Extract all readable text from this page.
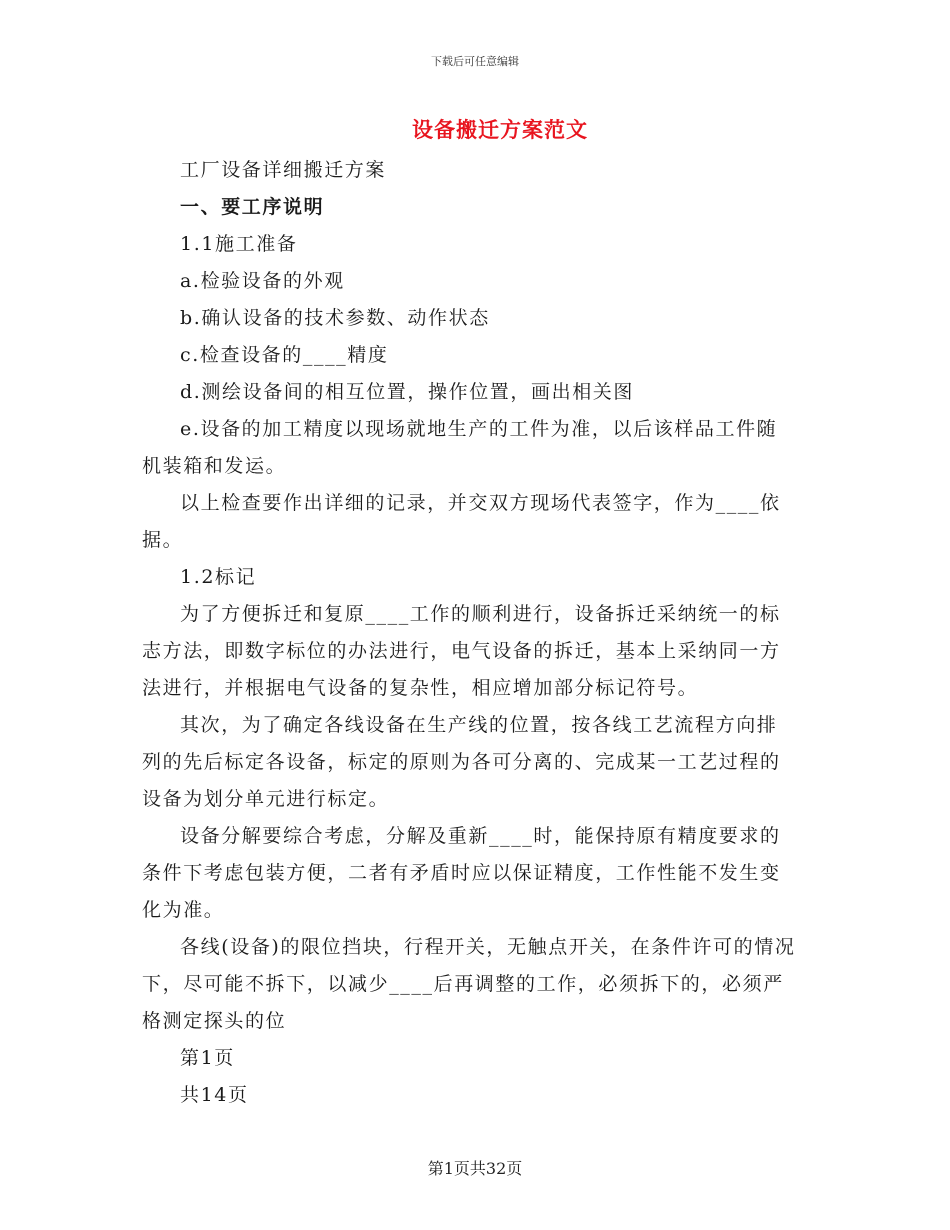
下载后可任意编辑
设备搬迁方案范文

工厂设备详细搬迁方案

一、要工序说明

1.1施工准备

a.检验设备的外观

b.确认设备的技术参数、动作状态

c.检查设备的____精度

d.测绘设备间的相互位置，操作位置，画出相关图

e.设备的加工精度以现场就地生产的工件为准，以后该样品工件随机装箱和发运。

以上检查要作出详细的记录，并交双方现场代表签字，作为____依据。

1.2标记

为了方便拆迁和复原____工作的顺利进行，设备拆迁采纳统一的标志方法，即数字标位的办法进行，电气设备的拆迁，基本上采纳同一方法进行，并根据电气设备的复杂性，相应增加部分标记符号。

其次，为了确定各线设备在生产线的位置，按各线工艺流程方向排列的先后标定各设备，标定的原则为各可分离的、完成某一工艺过程的设备为划分单元进行标定。

设备分解要综合考虑，分解及重新____时，能保持原有精度要求的条件下考虑包装方便，二者有矛盾时应以保证精度，工作性能不发生变化为准。

各线(设备)的限位挡块，行程开关，无触点开关，在条件许可的情况下，尽可能不拆下，以减少____后再调整的工作，必须拆下的，必须严格测定探头的位

第1页

共14页

第1页共32页
